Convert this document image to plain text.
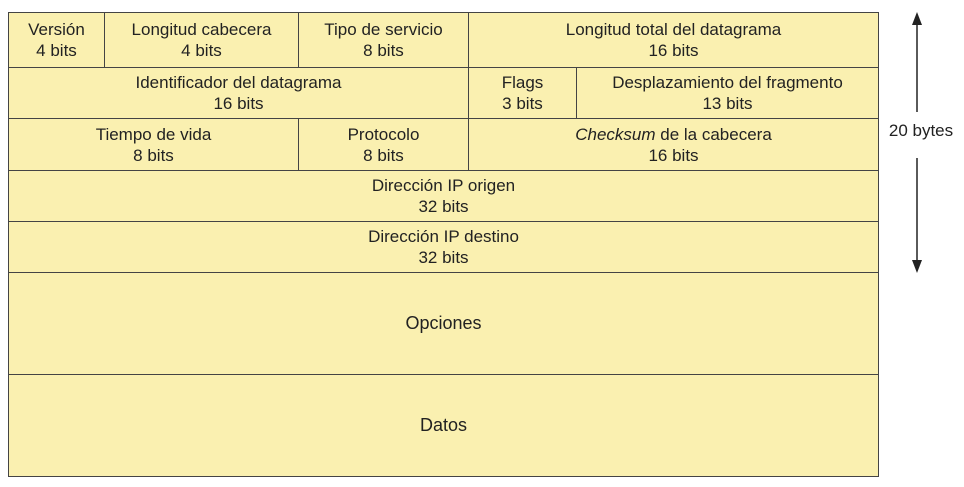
Versión
4 bits
Longitud cabecera
4 bits
Tipo de servicio
8 bits
Longitud total del datagrama
16 bits
Identificador del datagrama
16 bits
Flags
3 bits
Desplazamiento del fragmento
13 bits
Tiempo de vida
8 bits
Protocolo
8 bits
Checksum de la cabecera
16 bits
Dirección IP origen
32 bits
Dirección IP destino
32 bits
Opciones
Datos
20 bytes
